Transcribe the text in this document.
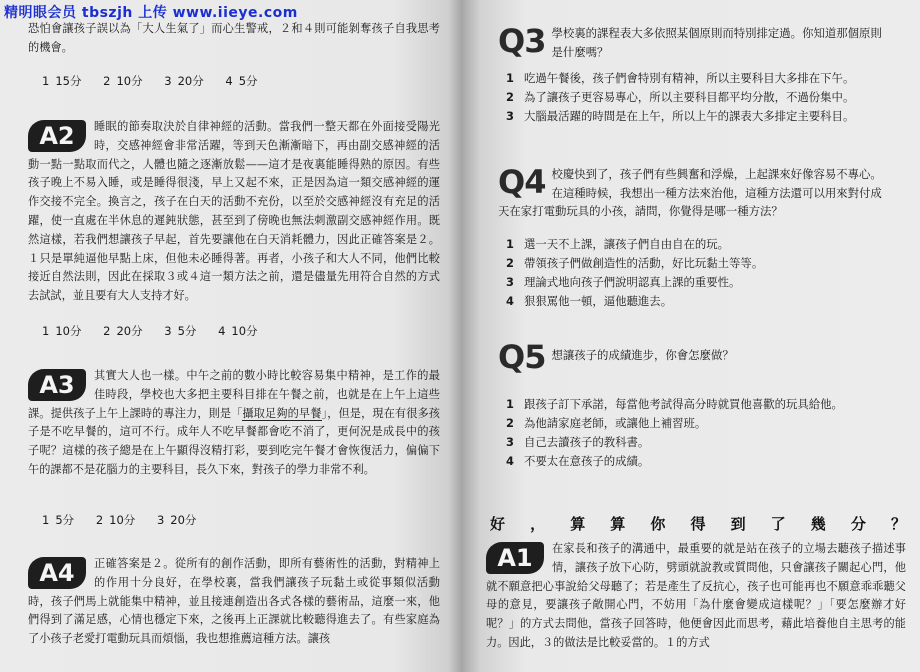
精明眼会员 tbszjh 上传 www.iieye.com

恐怕會讓孩子誤以為「大人生氣了」而心生警戒，２和４則可能剝奪孩子自我思考的機會。

1 15分 2 10分 3 20分 4 5分
A2	睡眠的節奏取決於自律神經的活動。當我們一整天都在外面接受陽光時，交感神經會非常活躍，等到天色漸漸暗下，再由副交感神經的活動一點一點取而代之，人體也隨之逐漸放鬆——這才是夜裏能睡得熟的原因。有些孩子晚上不易入睡，或是睡得很淺，早上又起不來，正是因為這一類交感神經的運作交接不完全。換言之，孩子在白天的活動不充份，以至於交感神經沒有充足的活躍，使一直處在半休息的遲鈍狀態，甚至到了傍晚也無法刺激副交感神經作用。既然這樣，若我們想讓孩子早起，首先要讓他在白天消耗體力，因此正確答案是２。１只是單純逼他早點上床，但他未必睡得著。再者，小孩子和大人不同，他們比較接近自然法則，因此在採取３或４這一類方法之前，還是儘量先用符合自然的方式去試試，並且要有大人支持才好。
1 10分 2 20分 3 5分 4 10分
A3	其實大人也一樣。中午之前的數小時比較容易集中精神，是工作的最佳時段，學校也大多把主要科目排在午餐之前，也就是在上午上這些課。提供孩子上午上課時的專注力，則是「攝取足夠的早餐」，但是，現在有很多孩子是不吃早餐的，這可不行。成年人不吃早餐都會吃不消了，更何況是成長中的孩子呢？這樣的孩子總是在上午顯得沒精打彩，要到吃完午餐才會恢復活力，偏偏下午的課都不是花腦力的主要科目，長久下來，對孩子的學力非常不利。
1 5分 2 10分 3 20分
A4	正確答案是２。從所有的創作活動，即所有藝術性的活動，對精神上的作用十分良好，在學校裏，當我們讓孩子玩黏土或從事類似活動時，孩子們馬上就能集中精神，並且接連創造出各式各樣的藝術品，這麼一來，他們得到了滿足感，心情也穩定下來，之後再上正課就比較聽得進去了。有些家庭為了小孩子老愛打電動玩具而煩惱，我也想推薦這種方法。讓孩
Q3 學校裏的課程表大多依照某個原則而特別排定過。你知道那個原則是什麼嗎？
1 吃過午餐後，孩子們會特別有精神，所以主要科目大多排在下午。
2 為了讓孩子更容易專心，所以主要科目都平均分散，不過份集中。
3 大腦最活躍的時間是在上午，所以上午的課表大多排定主要科目。
Q4 校慶快到了，孩子們有些興奮和浮燥，上起課來好像容易不專心。在這種時候，我想出一種方法來治他，這種方法還可以用來對付成天在家打電動玩具的小孩，請問，你覺得是哪一種方法？
1 選一天不上課，讓孩子們自由自在的玩。
2 帶領孩子們做創造性的活動，好比玩黏土等等。
3 理論式地向孩子們說明認真上課的重要性。
4 狠狠罵他一頓，逼他聽進去。
Q5 想讓孩子的成績進步，你會怎麼做？
1 跟孩子訂下承諾，每當他考試得高分時就買他喜歡的玩具給他。
2 為他請家庭老師，或讓他上補習班。
3 自己去讀孩子的教科書。
4 不要太在意孩子的成績。
好 ， 算 算 你 得 到 了 幾 分 ？
A1	在家長和孩子的溝通中，最重要的就是站在孩子的立場去聽孩子描述事情，讓孩子放下心防，劈頭就說教或質問他，只會讓孩子關起心門，他就不願意把心事說給父母聽了；若是產生了反抗心，孩子也可能再也不願意乖乖聽父母的意見，要讓孩子敞開心門，不妨用「為什麼會變成這樣呢？」「要怎麼辦才好呢？」的方式去問他，當孩子回答時，他便會因此而思考，藉此培養他自主思考的能力。因此，３的做法是比較妥當的。１的方式
